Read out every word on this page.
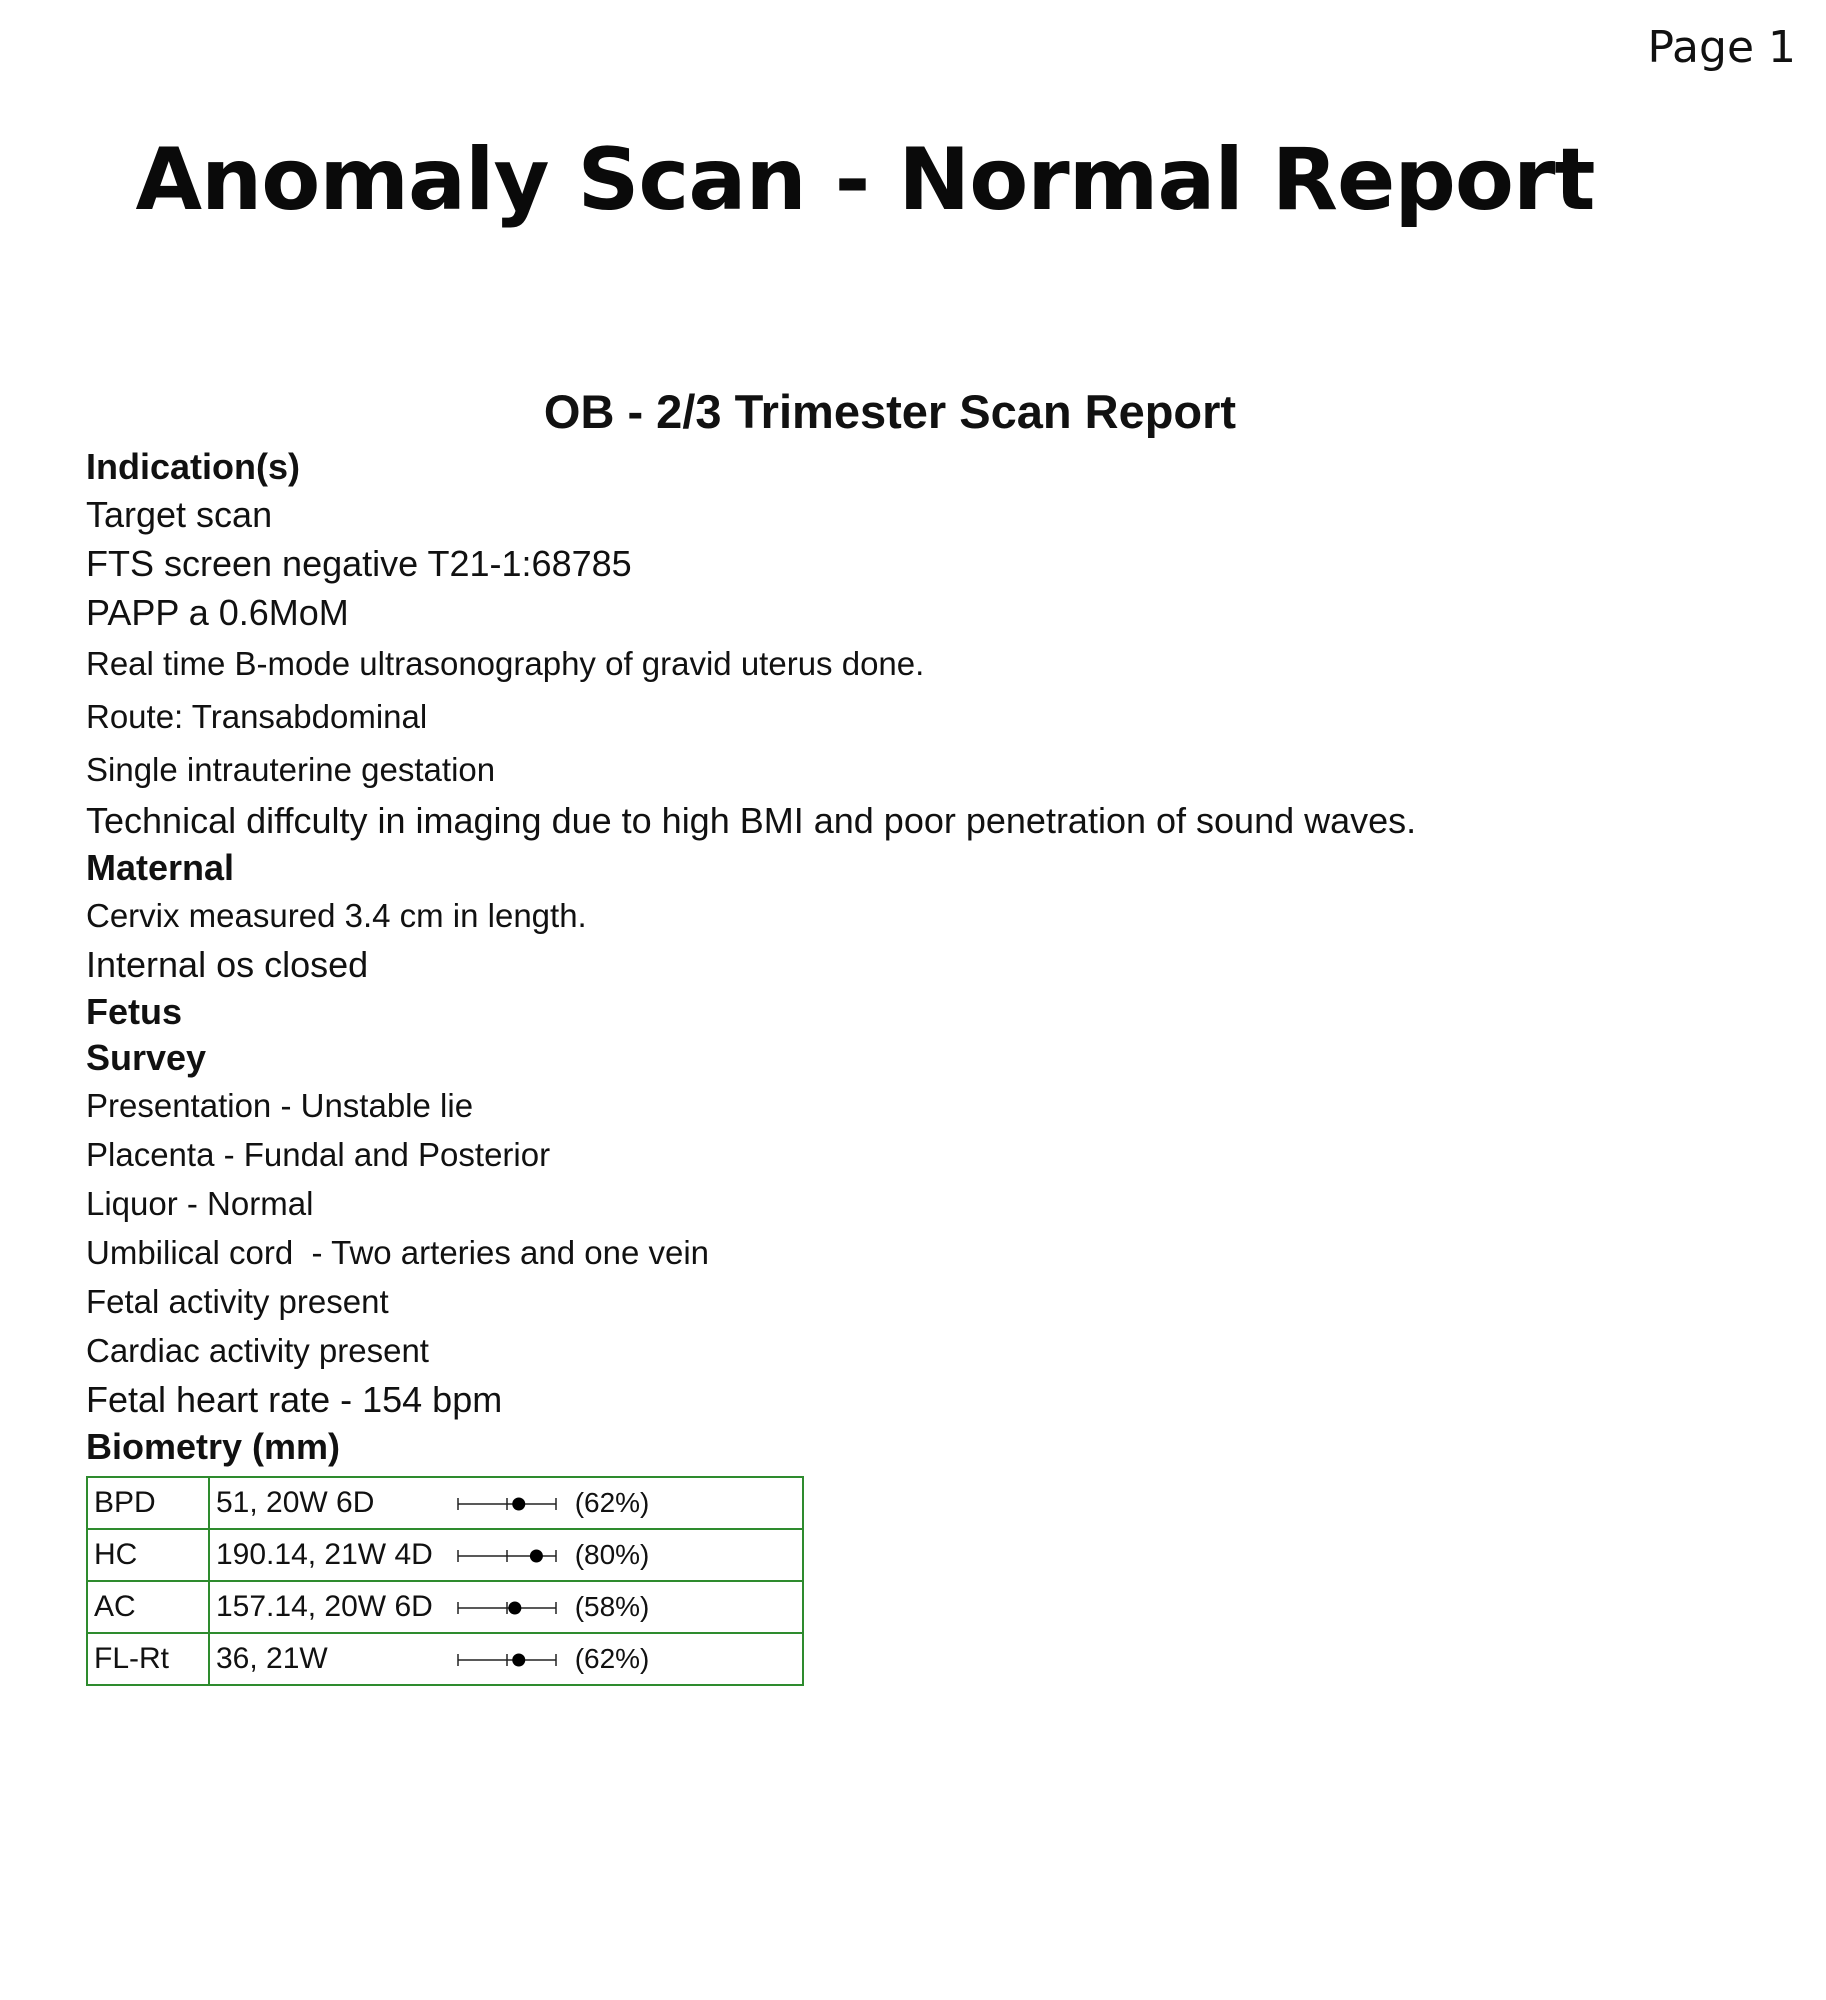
Page 1
Anomaly Scan - Normal Report
OB - 2/3 Trimester Scan Report
Indication(s)
Target scan
FTS screen negative T21-1:68785
PAPP a 0.6MoM
Real time B-mode ultrasonography of gravid uterus done.
Route: Transabdominal
Single intrauterine gestation
Technical diffculty in imaging due to high BMI and poor penetration of sound waves.
Maternal
Cervix measured 3.4 cm in length.
Internal os closed
Fetus
Survey
Presentation - Unstable lie
Placenta - Fundal and Posterior
Liquor - Normal
Umbilical cord  - Two arteries and one vein
Fetal activity present
Cardiac activity present
Fetal heart rate - 154 bpm
Biometry (mm)
BPD	51, 20W 6D (62%)
HC	190.14, 21W 4D (80%)
AC	157.14, 20W 6D (58%)
FL-Rt	36, 21W (62%)
